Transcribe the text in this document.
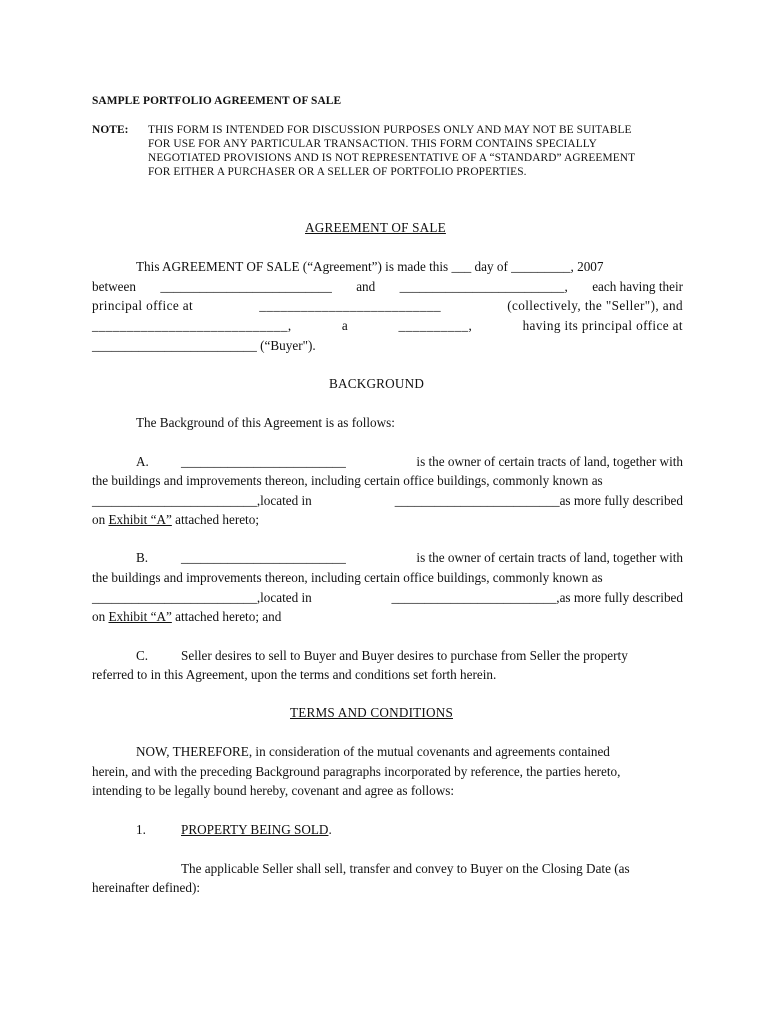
SAMPLE PORTFOLIO AGREEMENT OF SALE
NOTE: THIS FORM IS INTENDED FOR DISCUSSION PURPOSES ONLY AND MAY NOT BE SUITABLE
FOR USE FOR ANY PARTICULAR TRANSACTION. THIS FORM CONTAINS SPECIALLY
NEGOTIATED PROVISIONS AND IS NOT REPRESENTATIVE OF A “STANDARD” AGREEMENT
FOR EITHER A PURCHASER OR A SELLER OF PORTFOLIO PROPERTIES.
AGREEMENT OF SALE
This AGREEMENT OF SALE (“Agreement”) is made this ___ day of _________, 2007
between __________________________ and _________________________, each having their
principal office at	__________________________	(collectively, the "Seller"), and
____________________________,	a	__________,	having its principal office at
_________________________ (“Buyer").
BACKGROUND
The Background of this Agreement is as follows:
A. _________________________	is the owner of certain tracts of land, together with
the buildings and improvements thereon, including certain office buildings, commonly known as
_________________________,located in	_________________________as more fully described
on Exhibit “A” attached hereto;
B. _________________________	is the owner of certain tracts of land, together with
the buildings and improvements thereon, including certain office buildings, commonly known as
_________________________,located in	_________________________,as more fully described
on Exhibit “A” attached hereto; and
C. Seller desires to sell to Buyer and Buyer desires to purchase from Seller the property
referred to in this Agreement, upon the terms and conditions set forth herein.
TERMS AND CONDITIONS
NOW, THEREFORE, in consideration of the mutual covenants and agreements contained
herein, and with the preceding Background paragraphs incorporated by reference, the parties hereto,
intending to be legally bound hereby, covenant and agree as follows:
1.	PROPERTY BEING SOLD.
The applicable Seller shall sell, transfer and convey to Buyer on the Closing Date (as
hereinafter defined):
